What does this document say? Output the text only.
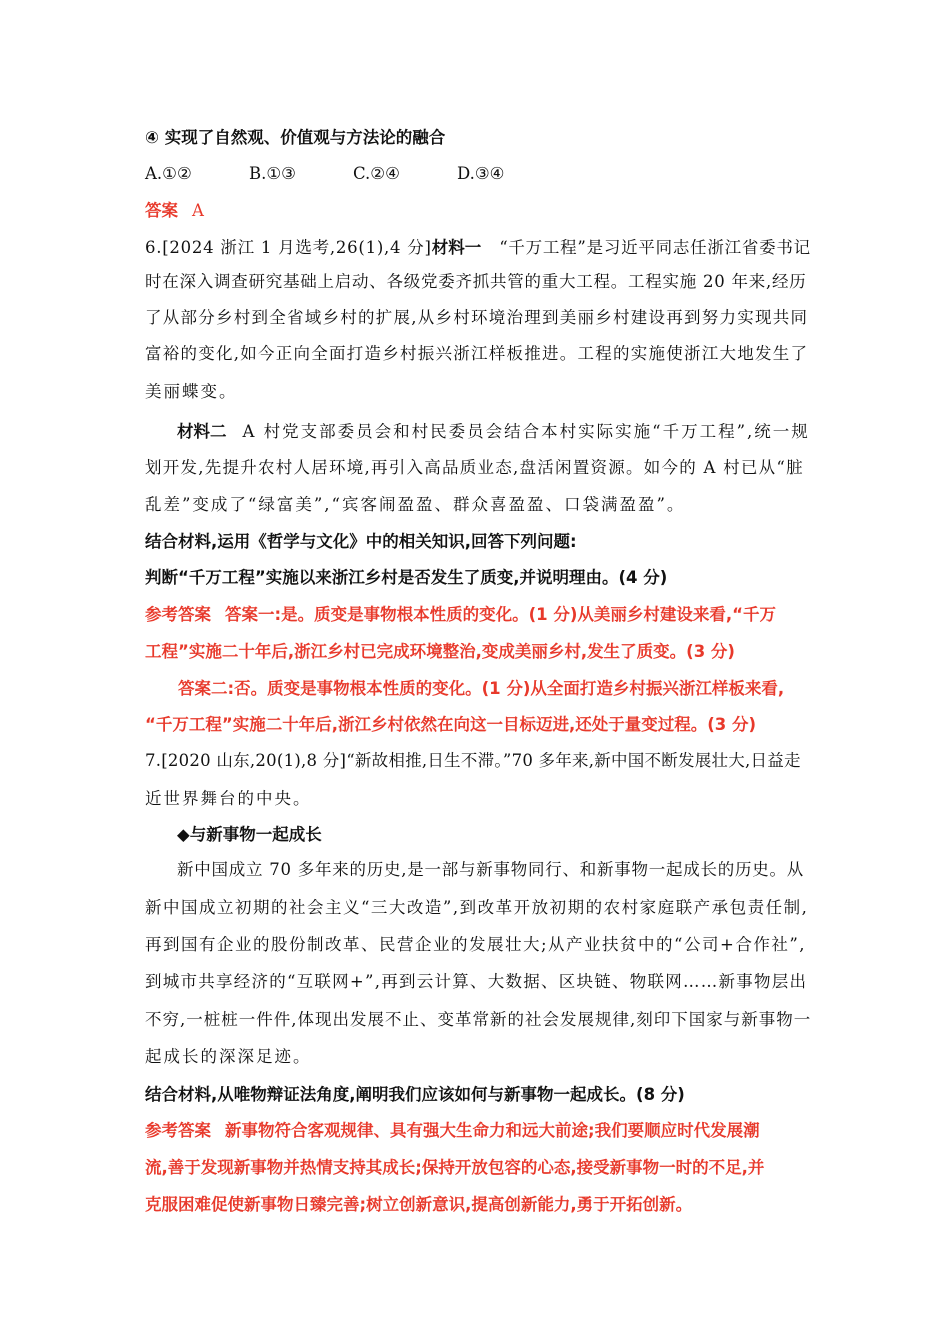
④ 实现了自然观、价值观与方法论的融合
A.①②	B.①③	C.②④	D.③④
答案 A
6.[2024 浙江 1 月选考,26(1),4 分]材料一 “千万工程”是习近平同志任浙江省委书记
时在深入调查研究基础上启动、各级党委齐抓共管的重大工程。工程实施 20 年来,经历
了从部分乡村到全省域乡村的扩展,从乡村环境治理到美丽乡村建设再到努力实现共同
富裕的变化,如今正向全面打造乡村振兴浙江样板推进。工程的实施使浙江大地发生了
美丽蝶变。
材料二 A 村党支部委员会和村民委员会结合本村实际实施“千万工程”,统一规
划开发,先提升农村人居环境,再引入高品质业态,盘活闲置资源。如今的 A 村已从“脏
乱差”变成了“绿富美”,“宾客闹盈盈、群众喜盈盈、口袋满盈盈”。
结合材料,运用《哲学与文化》中的相关知识,回答下列问题:
判断“千万工程”实施以来浙江乡村是否发生了质变,并说明理由。(4 分)
参考答案 答案一:是。质变是事物根本性质的变化。(1 分)从美丽乡村建设来看,“千万
工程”实施二十年后,浙江乡村已完成环境整治,变成美丽乡村,发生了质变。(3 分)
答案二:否。质变是事物根本性质的变化。(1 分)从全面打造乡村振兴浙江样板来看,
“千万工程”实施二十年后,浙江乡村依然在向这一目标迈进,还处于量变过程。(3 分)
7.[2020 山东,20(1),8 分]“新故相推,日生不滞。”70 多年来,新中国不断发展壮大,日益走
近世界舞台的中央。
◆与新事物一起成长
新中国成立 70 多年来的历史,是一部与新事物同行、和新事物一起成长的历史。从
新中国成立初期的社会主义“三大改造”,到改革开放初期的农村家庭联产承包责任制,
再到国有企业的股份制改革、民营企业的发展壮大;从产业扶贫中的“公司+合作社”,
到城市共享经济的“互联网+”,再到云计算、大数据、区块链、物联网……新事物层出
不穷,一桩桩一件件,体现出发展不止、变革常新的社会发展规律,刻印下国家与新事物一
起成长的深深足迹。
结合材料,从唯物辩证法角度,阐明我们应该如何与新事物一起成长。(8 分)
参考答案 新事物符合客观规律、具有强大生命力和远大前途;我们要顺应时代发展潮
流,善于发现新事物并热情支持其成长;保持开放包容的心态,接受新事物一时的不足,并
克服困难促使新事物日臻完善;树立创新意识,提高创新能力,勇于开拓创新。
